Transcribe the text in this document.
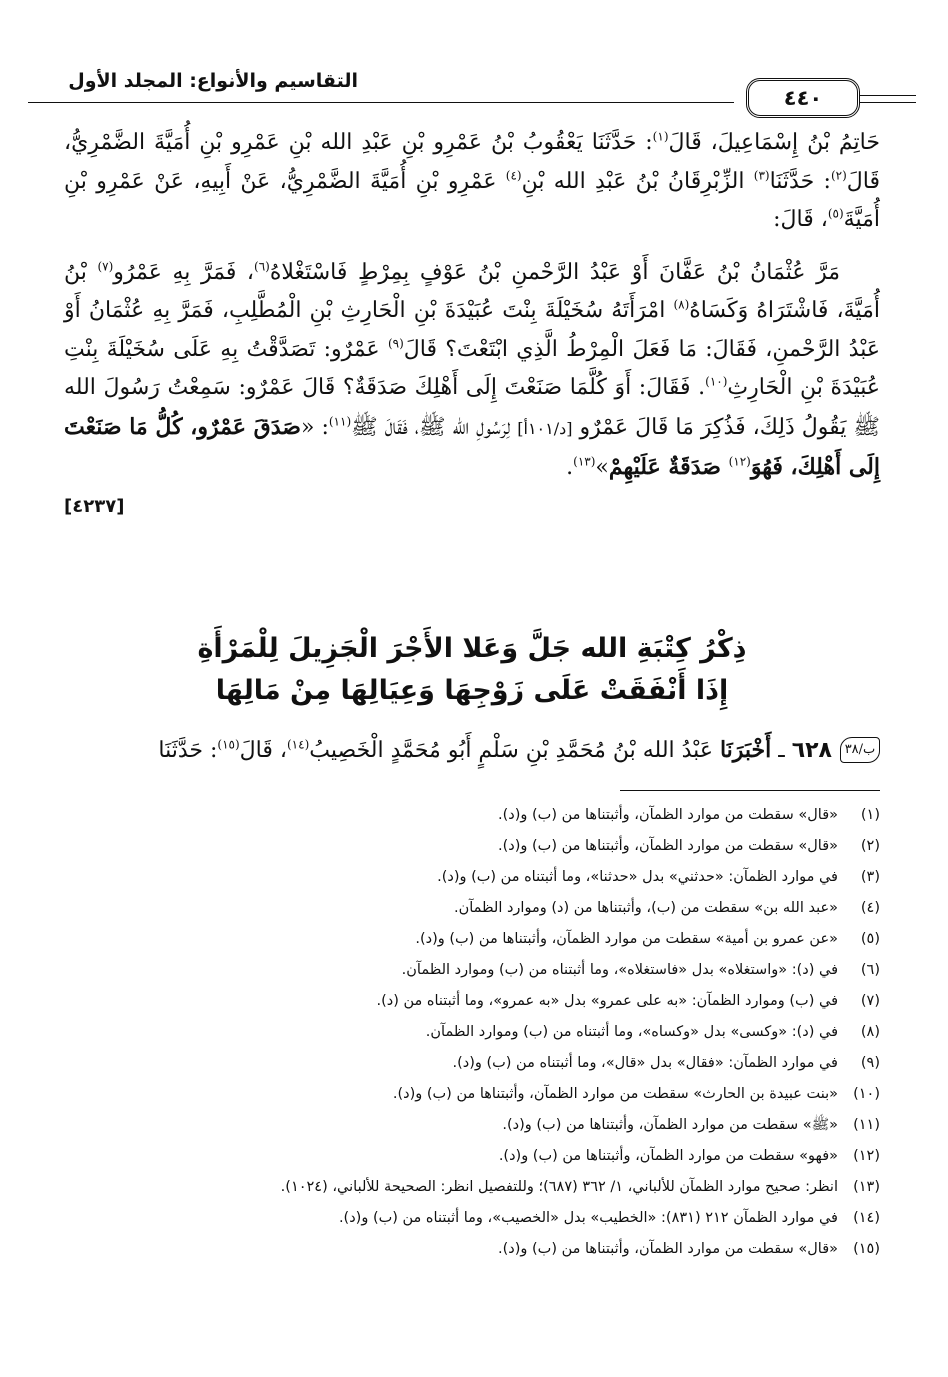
التقاسيم والأنواع: المجلد الأول
٤٤٠

حَاتِمُ بْنُ إِسْمَاعِيلَ، قَالَ$^{(١)}$: حَدَّثَنَا يَعْقُوبُ بْنُ عَمْرِو بْنِ عَبْدِ الله بْنِ عَمْرِو بْنِ أُمَيَّةَ الضَّمْرِيُّ، قَالَ$^{(٢)}$: حَدَّثَنَا$^{(٣)}$ الزِّبْرِقَانُ بْنُ عَبْدِ الله بْنِ$^{(٤)}$ عَمْرِو بْنِ أُمَيَّةَ الضَّمْرِيُّ، عَنْ أَبِيهِ، عَنْ عَمْرِو بْنِ أُمَيَّةَ$^{(٥)}$، قَالَ:

مَرَّ عُثْمَانُ بْنُ عَفَّانَ أَوْ عَبْدُ الرَّحْمنِ بْنُ عَوْفٍ بِمِرْطٍ فَاسْتَغْلاهُ$^{(٦)}$، فَمَرَّ بِهِ عَمْرُو$^{(٧)}$ بْنُ أُمَيَّةَ، فَاشْتَرَاهُ وَكَسَاهُ$^{(٨)}$ امْرَأَتَهُ سُخَيْلَةَ بِنْتَ عُبَيْدَةَ بْنِ الْحَارِثِ بْنِ الْمُطَّلِبِ، فَمَرَّ بِهِ عُثْمَانُ أَوْ عَبْدُ الرَّحْمنِ، فَقَالَ: مَا فَعَلَ الْمِرْطُ الَّذِي ابْتَعْتَ؟ قَالَ$^{(٩)}$ عَمْرٌو: تَصَدَّقْتُ بِهِ عَلَى سُخَيْلَةَ بِنْتِ عُبَيْدَةَ بْنِ الْحَارِثِ$^{(١٠)}$. فَقَالَ: أَوَ كُلَّمَا صَنَعْتَ إِلَى أَهْلِكَ صَدَقَةٌ؟ قَالَ عَمْرٌو: سَمِعْتُ رَسُولَ الله ﷺ يَقُولُ ذَلِكَ، فَذُكِرَ مَا قَالَ عَمْرٌو [د/١٠١أ] لِرَسُولِ الله ﷺ، فَقَالَ ﷺ$^{(١١)}$: «صَدَقَ عَمْرٌو، كُلُّ مَا صَنَعْتَ إِلَى أَهْلِكَ، فَهُوَ$^{(١٢)}$ صَدَقَةٌ عَلَيْهِمْ»$^{(١٣)}$.

[٤٢٣٧]
ذِكْرُ كِتْبَةِ الله جَلَّ وَعَلا الأَجْرَ الْجَزِيلَ لِلْمَرْأَةِ
إِذَا أَنْفَقَتْ عَلَى زَوْجِهَا وَعِيَالِهَا مِنْ مَالِهَا
ب/٣٨
٦٢٨ ـ أَخْبَرَنَا عَبْدُ الله بْنُ مُحَمَّدِ بْنِ سَلْمٍ أَبُو مُحَمَّدٍ الْخَصِيبُ$^{(١٤)}$، قَالَ$^{(١٥)}$: حَدَّثَنَا
(١)
«قال» سقطت من موارد الظمآن، وأثبتناها من (ب) و(د).
(٢)
«قال» سقطت من موارد الظمآن، وأثبتناها من (ب) و(د).
(٣)
في موارد الظمآن: «حدثني» بدل «حدثنا»، وما أثبتناه من (ب) و(د).
(٤)
«عبد الله بن» سقطت من (ب)، وأثبتناها من (د) وموارد الظمآن.
(٥)
«عن عمرو بن أمية» سقطت من موارد الظمآن، وأثبتناها من (ب) و(د).
(٦)
في (د): «واستغلاه» بدل «فاستغلاه»، وما أثبتناه من (ب) وموارد الظمآن.
(٧)
في (ب) وموارد الظمآن: «به على عمرو» بدل «به عمرو»، وما أثبتناه من (د).
(٨)
في (د): «وكسى» بدل «وكساه»، وما أثبتناه من (ب) وموارد الظمآن.
(٩)
في موارد الظمآن: «فقال» بدل «قال»، وما أثبتناه من (ب) و(د).
(١٠)
«بنت عبيدة بن الحارث» سقطت من موارد الظمآن، وأثبتناها من (ب) و(د).
(١١)
«ﷺ» سقطت من موارد الظمآن، وأثبتناها من (ب) و(د).
(١٢)
«فهو» سقطت من موارد الظمآن، وأثبتناها من (ب) و(د).
(١٣)
انظر: صحيح موارد الظمآن للألباني، ١/ ٣٦٢ (٦٨٧)؛ وللتفصيل انظر: الصحيحة للألباني، (١٠٢٤).
(١٤)
في موارد الظمآن ٢١٢ (٨٣١): «الخطيب» بدل «الخصيب»، وما أثبتناه من (ب) و(د).
(١٥)
«قال» سقطت من موارد الظمآن، وأثبتناها من (ب) و(د).
